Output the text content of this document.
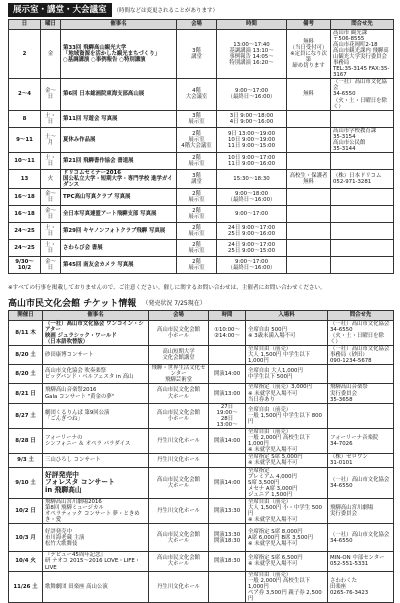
展示室・講堂・大会議室	（時間などは変更されることがあります）
日	曜日	催事名	会場	時間	備考	問合せ先
2	金	第33回 飛騨高山観光大学
「地域資源を活かした観光まちづくり」
○基調講演 ○事例報告 ○特別講演	3階
講堂	13:00〜17:40
基調講演 13:10〜
事例報告 14:05〜
特別講演 16:20〜	無料
（当日受付可）
※定員になり次第
締め切ります	高山市 観光課
〒506-8555
高山市花岡町2-18
高山市観光課内 飛騨高山観光大学実行委員会事務局
TEL:35-3145 FAX:35-3167
2〜4	金〜日	第6回 日本総画院東海支部高山展	4階
大会議室	9:00〜17:00
（最終日〜16:00）	無料	（一社）高山市文化協会
34-6550
（火・土・日曜日を除く）
8	土・日	第11回 写遊会 写真展	3階
展示室	3日 9:00〜18:00
4日 9:00〜16:00		
9〜11	土〜月	夏休み作品展	2階
展示室
4階大会議室	9日 13:00〜19:00
10日 9:00〜19:00
11日 9:00〜15:00		高山市学校教育課
35-3154
高山市公民館
35-3144
10〜11	土・日	第21回 飛騨書作協会 書道展	2階
展示室	10日 9:00〜17:00
11日 9:00〜16:00		
13	火	ドリコムセミナー2016
国公私立大学・短期大学・専門学校 進学ガイダンス	3階
講堂	15:30〜18:30	高校生・保護者
無料	（株）日本ドリコム
052-971-3281
16〜18	金〜日	TPC高山写真クラブ 写真展	2階
展示室	9:00〜18:00
（最終日〜16:00）		
16〜18	金〜日	全日本写真連盟アート飛騨支部 写真展	2階
展示室	9:00〜17:00		
24〜25	土・日	第29回 キヤノンフォトクラブ飛騨 写真展	2階
展示室	24日 9:00〜17:00
25日 9:00〜16:00		
24〜25	土・日	さわらび会 書展	2階
展示室	24日 9:00〜17:00
25日 9:00〜15:00		
9/30〜10/2	金〜日	第45回 南友会カメラ 写真展	2階
展示室	9:00〜17:00
（最終日〜16:00）		
※すべての行事を掲載しておりませんので、ご注意ください。催しに関するお問い合わせは、主催者にお問い合わせください。
高山市民文化会館 チケット情報 （発売状況 7/25現在）
開催日	催事名	会場	時間	入場料	問合せ先
8/11 木	（一社）高山市文化協会 ワンコイン・シアター
映画 ジュラシック・ワールド
（日本語吹替版）	高山市民文化会館
小ホール	①10:00〜
②14:00〜	全席自由 500円
※ 3歳未満入場不可	（一社）高山市文化協会
34-6550
（火・土・日曜日を除く）
8/20 土	砂田康博コンサート	高山短期大学
文化会館講堂		全席自由（前売）
大人 1,500円 中学生以下 1,000円	（一社）高山市文化協会
事務局（砂田）
090-1234-5678
8/20 土	高山市文化協会 吹奏楽祭
ビッグバンド・ベルフェスタ in 高山	飛騨・世界生活文化センター
飛騨芸術堂	開演14:00	全席自由 大人1,000円
中学生以下 500円	
8/21 日	飛騨高山音楽祭2016
Gala コンサート "黄金の夢"	高山市民文化会館
大ホール	開演13:00	全席指定（前売）3,000円
※ 未就学児入場不可
当日券あり	飛騨高山音楽祭
実行委員会
35-3658
8/27 土	劇団くるりんぱ 第9回公演
「ごんぎつね」	高山市民文化会館
小ホール	27日 19:00〜
28日 13:00〜	全席自由（前売）
一般 1,500円 中学生以下 800円	
8/28 日	フォーリーナの
シンフォニー ＆ オペラ パラダイス	丹生川文化ホール	開演14:00	全席自由（前売）
一般 2,000円 高校生以下 1,000円
※ 未就学児入場不可	フォーリーナ音楽院
34-7026
9/3 土	三山ひろし コンサート	丹生川文化ホール		全席指定 S席 5,000円
※ 未就学児入場不可	（株）ゼロワン
31-0101
9/10 土	好評発売中
フォレスタ コンサート
in 飛騨高山	高山市民文化会館
大ホール	開演14:00	全席指定
プレミアム 4,000円
S席 3,500円
メセナ A席 3,000円
ジュニア 1,500円	（一社）高山市文化協会
34-6550
10/2 日	飛騨高山宮川劇場2016
第8回 飛騨ミュージカル
オペラティック コンサート 夢・ときめき・愛	丹生川文化ホール	開演13:30	全席自由（前売）
大人 1,500円 小・中学生 500円
※ 未就学児入場不可	飛騨高山宮川劇場
実行委員会
10/3 月	好評発売中
市川海老蔵 主演
松竹大歌舞伎	高山市民文化会館
大ホール	開演13:30
開演18:30	全席指定 S席 8,000円
A席 6,000円 B席 3,500円
※ 未就学児入場不可	（一社）高山市文化協会
34-6550
10/4 火	『デビュー45周年記念』
研 ナオコ 2015〜2016 LOVE・LIFE・LIVE	高山市民文化会館
大ホール	開演18:30	全席指定 S席 6,500円
※ 未就学児入場不可	MIN-ON 中部センター
052-551-5331
11/26 土	歌舞劇団 田楽座 高山公演	丹生川文化ホール		全席自由（前売）
一般 2,000円 高校生以下 1,000円
ペア券 3,500円 親子券 2,500円	さわわくた
田楽座
0265-76-3423
